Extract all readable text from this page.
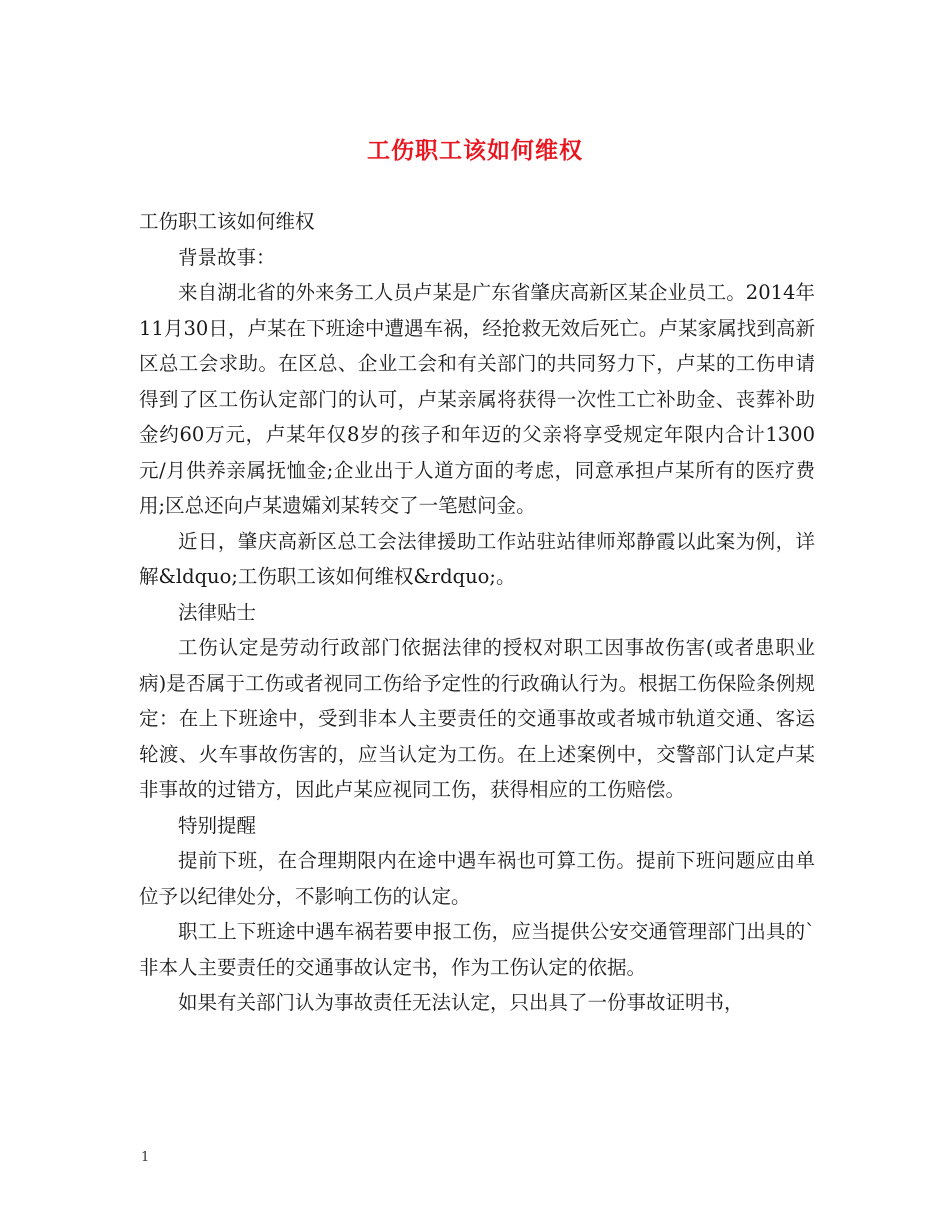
工伤职工该如何维权

工伤职工该如何维权

背景故事：

来自湖北省的外来务工人员卢某是广东省肇庆高新区某企业员工。2014年11月30日，卢某在下班途中遭遇车祸，经抢救无效后死亡。卢某家属找到高新区总工会求助。在区总、企业工会和有关部门的共同努力下，卢某的工伤申请得到了区工伤认定部门的认可，卢某亲属将获得一次性工亡补助金、丧葬补助金约60万元，卢某年仅8岁的孩子和年迈的父亲将享受规定年限内合计1300元/月供养亲属抚恤金;企业出于人道方面的考虑，同意承担卢某所有的医疗费用;区总还向卢某遗孀刘某转交了一笔慰问金。

近日，肇庆高新区总工会法律援助工作站驻站律师郑静霞以此案为例，详解&ldquo;工伤职工该如何维权&rdquo;。

法律贴士

工伤认定是劳动行政部门依据法律的授权对职工因事故伤害(或者患职业病)是否属于工伤或者视同工伤给予定性的行政确认行为。根据工伤保险条例规定：在上下班途中，受到非本人主要责任的交通事故或者城市轨道交通、客运轮渡、火车事故伤害的，应当认定为工伤。在上述案例中，交警部门认定卢某非事故的过错方，因此卢某应视同工伤，获得相应的工伤赔偿。

特别提醒

提前下班，在合理期限内在途中遇车祸也可算工伤。提前下班问题应由单位予以纪律处分，不影响工伤的认定。

职工上下班途中遇车祸若要申报工伤，应当提供公安交通管理部门出具的`非本人主要责任的交通事故认定书，作为工伤认定的依据。

如果有关部门认为事故责任无法认定，只出具了一份事故证明书，

1
